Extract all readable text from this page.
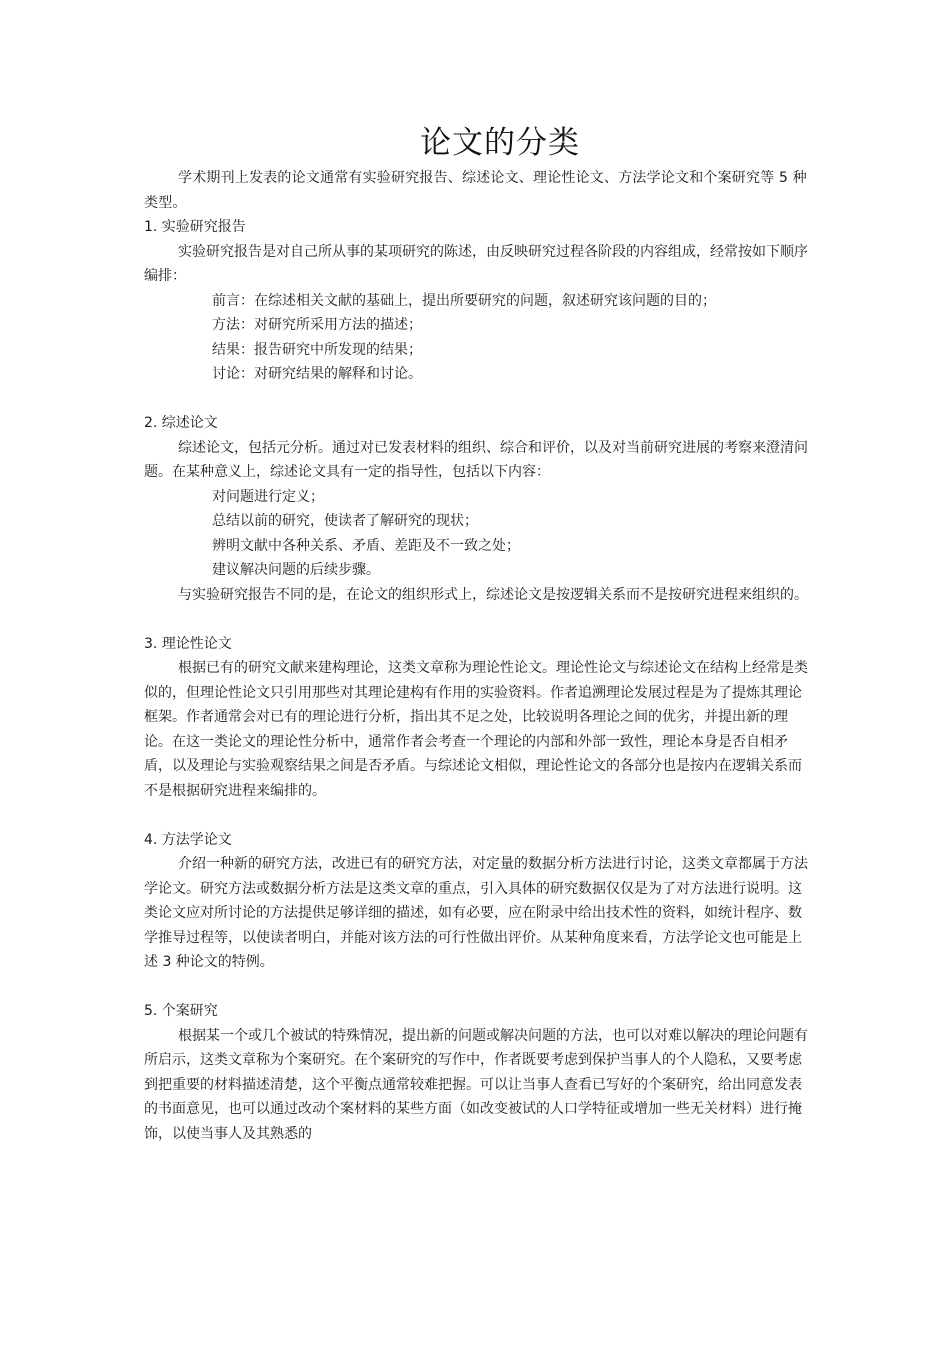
论文的分类

学术期刊上发表的论文通常有实验研究报告、综述论文、理论性论文、方法学论文和个案研究等 5 种类型。

1. 实验研究报告

实验研究报告是对自己所从事的某项研究的陈述，由反映研究过程各阶段的内容组成，经常按如下顺序编排：

前言：在综述相关文献的基础上，提出所要研究的问题，叙述研究该问题的目的；
方法：对研究所采用方法的描述；
结果：报告研究中所发现的结果；
讨论：对研究结果的解释和讨论。

2. 综述论文

综述论文，包括元分析。通过对已发表材料的组织、综合和评价，以及对当前研究进展的考察来澄清问题。在某种意义上，综述论文具有一定的指导性，包括以下内容：

对问题进行定义；
总结以前的研究，使读者了解研究的现状；
辨明文献中各种关系、矛盾、差距及不一致之处；
建议解决问题的后续步骤。

与实验研究报告不同的是，在论文的组织形式上，综述论文是按逻辑关系而不是按研究进程来组织的。

3. 理论性论文

根据已有的研究文献来建构理论，这类文章称为理论性论文。理论性论文与综述论文在结构上经常是类似的，但理论性论文只引用那些对其理论建构有作用的实验资料。作者追溯理论发展过程是为了提炼其理论框架。作者通常会对已有的理论进行分析，指出其不足之处，比较说明各理论之间的优劣，并提出新的理论。在这一类论文的理论性分析中，通常作者会考查一个理论的内部和外部一致性，理论本身是否自相矛盾，以及理论与实验观察结果之间是否矛盾。与综述论文相似，理论性论文的各部分也是按内在逻辑关系而不是根据研究进程来编排的。

4. 方法学论文

介绍一种新的研究方法，改进已有的研究方法，对定量的数据分析方法进行讨论，这类文章都属于方法学论文。研究方法或数据分析方法是这类文章的重点，引入具体的研究数据仅仅是为了对方法进行说明。这类论文应对所讨论的方法提供足够详细的描述，如有必要，应在附录中给出技术性的资料，如统计程序、数学推导过程等，以使读者明白，并能对该方法的可行性做出评价。从某种角度来看，方法学论文也可能是上述 3 种论文的特例。

5. 个案研究

根据某一个或几个被试的特殊情况，提出新的问题或解决问题的方法，也可以对难以解决的理论问题有所启示，这类文章称为个案研究。在个案研究的写作中，作者既要考虑到保护当事人的个人隐私，又要考虑到把重要的材料描述清楚，这个平衡点通常较难把握。可以让当事人查看已写好的个案研究，给出同意发表的书面意见，也可以通过改动个案材料的某些方面（如改变被试的人口学特征或增加一些无关材料）进行掩饰，以使当事人及其熟悉的
